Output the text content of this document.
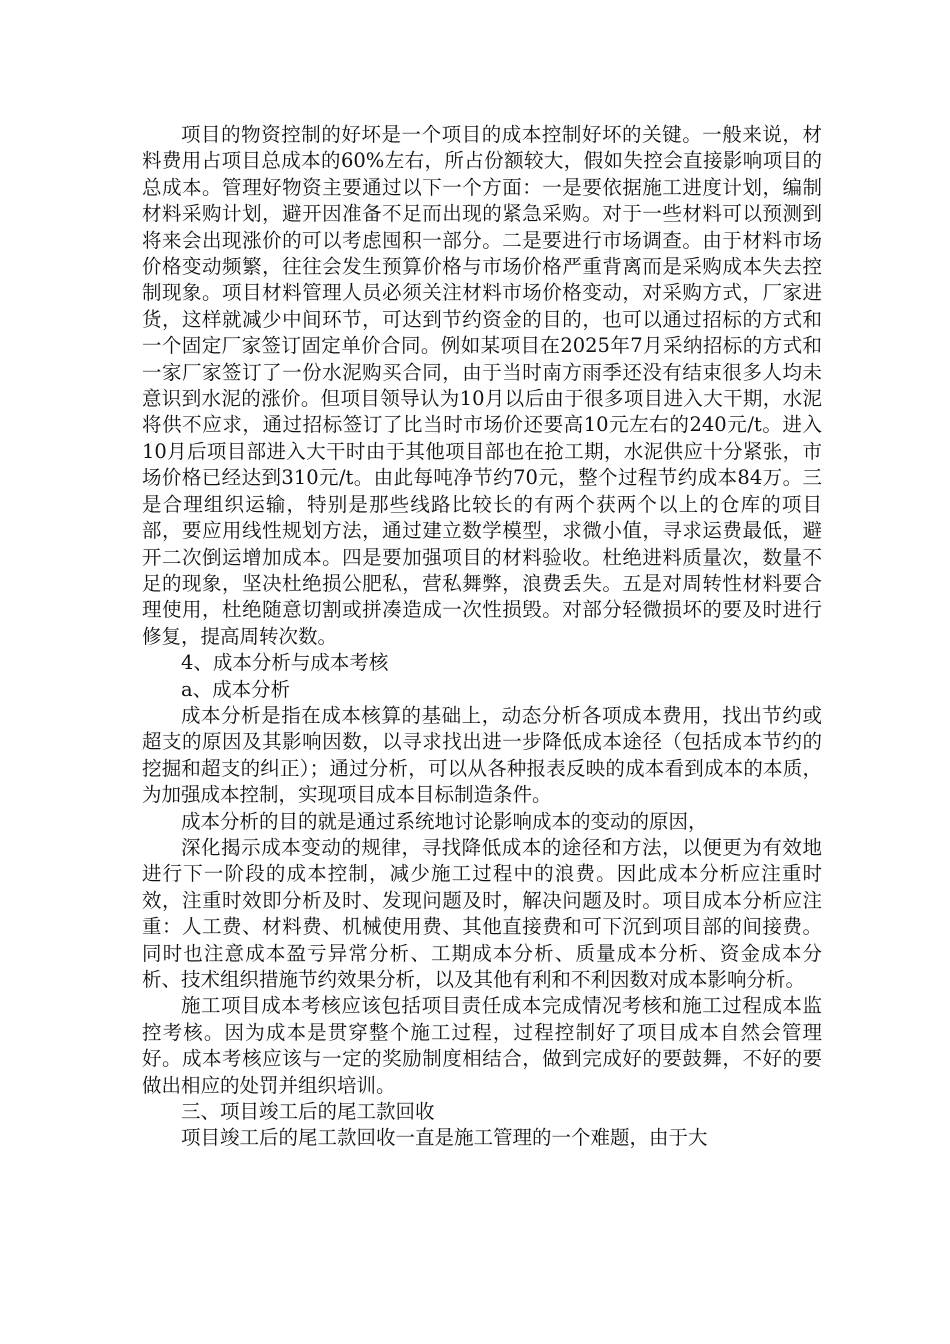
项目的物资控制的好坏是一个项目的成本控制好坏的关键。一般来说，材料费用占项目总成本的60%左右，所占份额较大，假如失控会直接影响项目的总成本。管理好物资主要通过以下一个方面：一是要依据施工进度计划，编制材料采购计划，避开因准备不足而出现的紧急采购。对于一些材料可以预测到将来会出现涨价的可以考虑囤积一部分。二是要进行市场调查。由于材料市场价格变动频繁，往往会发生预算价格与市场价格严重背离而是采购成本失去控制现象。项目材料管理人员必须关注材料市场价格变动，对采购方式，厂家进货，这样就减少中间环节，可达到节约资金的目的，也可以通过招标的方式和一个固定厂家签订固定单价合同。例如某项目在2025年7月采纳招标的方式和一家厂家签订了一份水泥购买合同，由于当时南方雨季还没有结束很多人均未意识到水泥的涨价。但项目领导认为10月以后由于很多项目进入大干期，水泥将供不应求，通过招标签订了比当时市场价还要高10元左右的240元/t。进入10月后项目部进入大干时由于其他项目部也在抢工期，水泥供应十分紧张，市场价格已经达到310元/t。由此每吨净节约70元，整个过程节约成本84万。三是合理组织运输，特别是那些线路比较长的有两个获两个以上的仓库的项目部，要应用线性规划方法，通过建立数学模型，求微小值，寻求运费最低，避开二次倒运增加成本。四是要加强项目的材料验收。杜绝进料质量次，数量不足的现象，坚决杜绝损公肥私，营私舞弊，浪费丢失。五是对周转性材料要合理使用，杜绝随意切割或拼凑造成一次性损毁。对部分轻微损坏的要及时进行修复，提高周转次数。

4、成本分析与成本考核

a、成本分析

成本分析是指在成本核算的基础上，动态分析各项成本费用，找出节约或超支的原因及其影响因数，以寻求找出进一步降低成本途径（包括成本节约的挖掘和超支的纠正）；通过分析，可以从各种报表反映的成本看到成本的本质，为加强成本控制，实现项目成本目标制造条件。

成本分析的目的就是通过系统地讨论影响成本的变动的原因，

深化揭示成本变动的规律，寻找降低成本的途径和方法，以便更为有效地进行下一阶段的成本控制，减少施工过程中的浪费。因此成本分析应注重时效，注重时效即分析及时、发现问题及时，解决问题及时。项目成本分析应注重：人工费、材料费、机械使用费、其他直接费和可下沉到项目部的间接费。同时也注意成本盈亏异常分析、工期成本分析、质量成本分析、资金成本分析、技术组织措施节约效果分析，以及其他有利和不利因数对成本影响分析。

施工项目成本考核应该包括项目责任成本完成情况考核和施工过程成本监控考核。因为成本是贯穿整个施工过程，过程控制好了项目成本自然会管理好。成本考核应该与一定的奖励制度相结合，做到完成好的要鼓舞，不好的要做出相应的处罚并组织培训。

三、项目竣工后的尾工款回收

项目竣工后的尾工款回收一直是施工管理的一个难题，由于大
